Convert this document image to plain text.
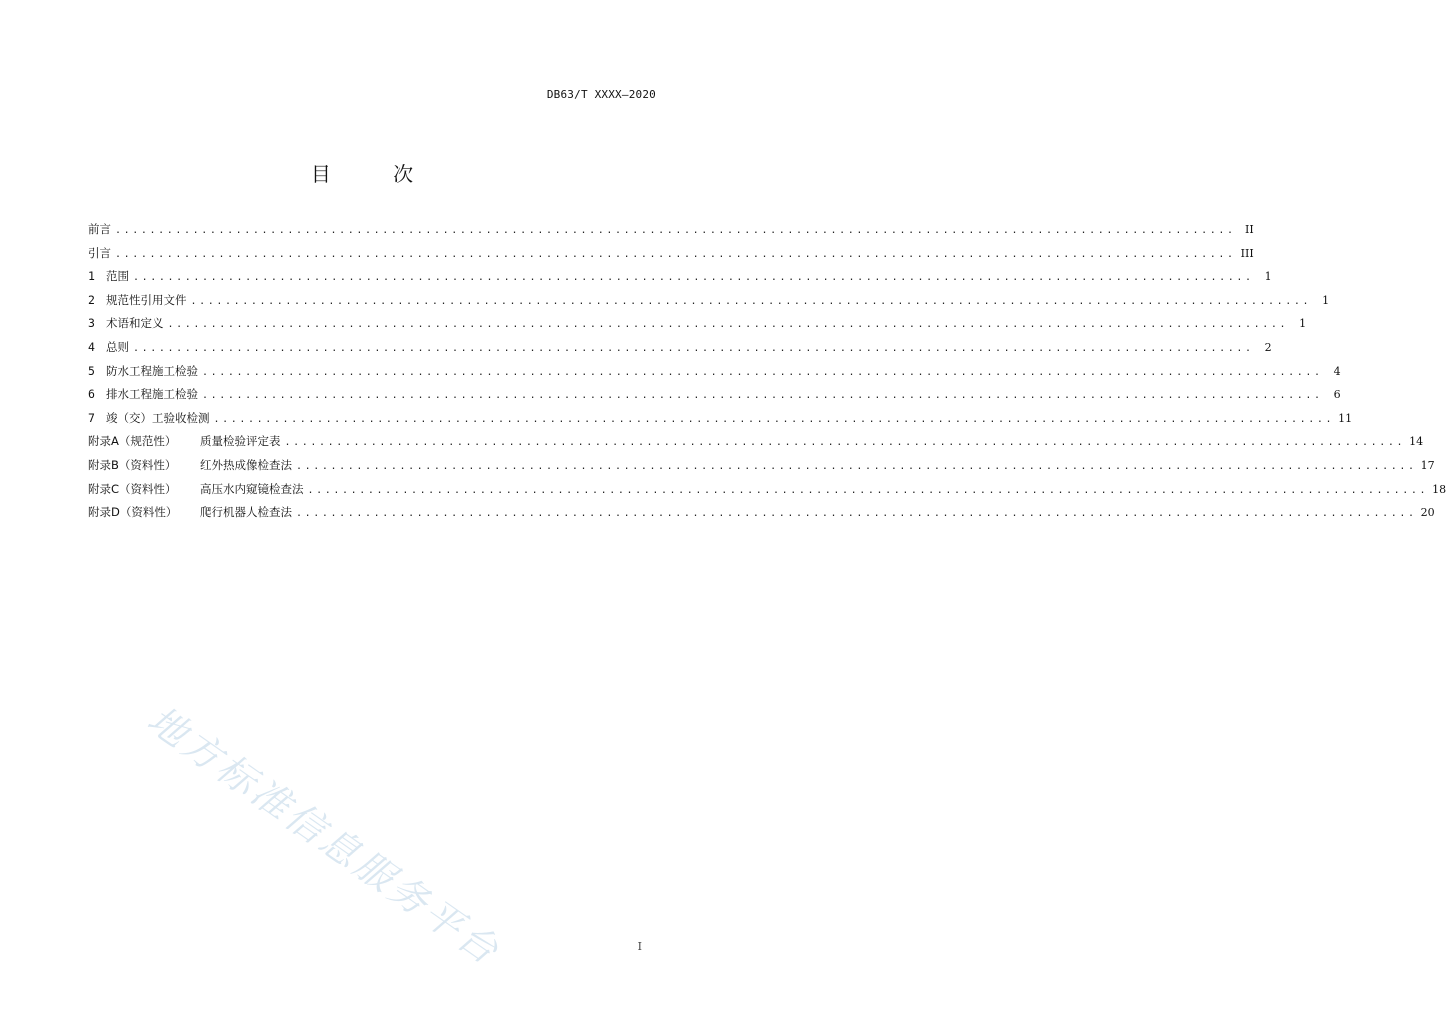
DB63/T XXXX—2020
目 次
前言 .................................................................................................................................. II
引言 .................................................................................................................................. III
1 范围 ..................................................................................................................................	1
2 规范性引用文件 ..................................................................................................................................	1
3 术语和定义 ..................................................................................................................................	1
4 总则 ..................................................................................................................................	2
5 防水工程施工检验 ..................................................................................................................................	4
6 排水工程施工检验 ..................................................................................................................................	6
7 竣（交）工验收检测 .................................................................................................................................. 11
附录A（规范性）	质量检验评定表 .................................................................................................................................. 14
附录B（资料性）	红外热成像检查法 .................................................................................................................................. 17
附录C（资料性）	高压水内窥镜检查法 .................................................................................................................................. 18
附录D（资料性）	爬行机器人检查法 .................................................................................................................................. 20
地方标准信息服务平台	I
